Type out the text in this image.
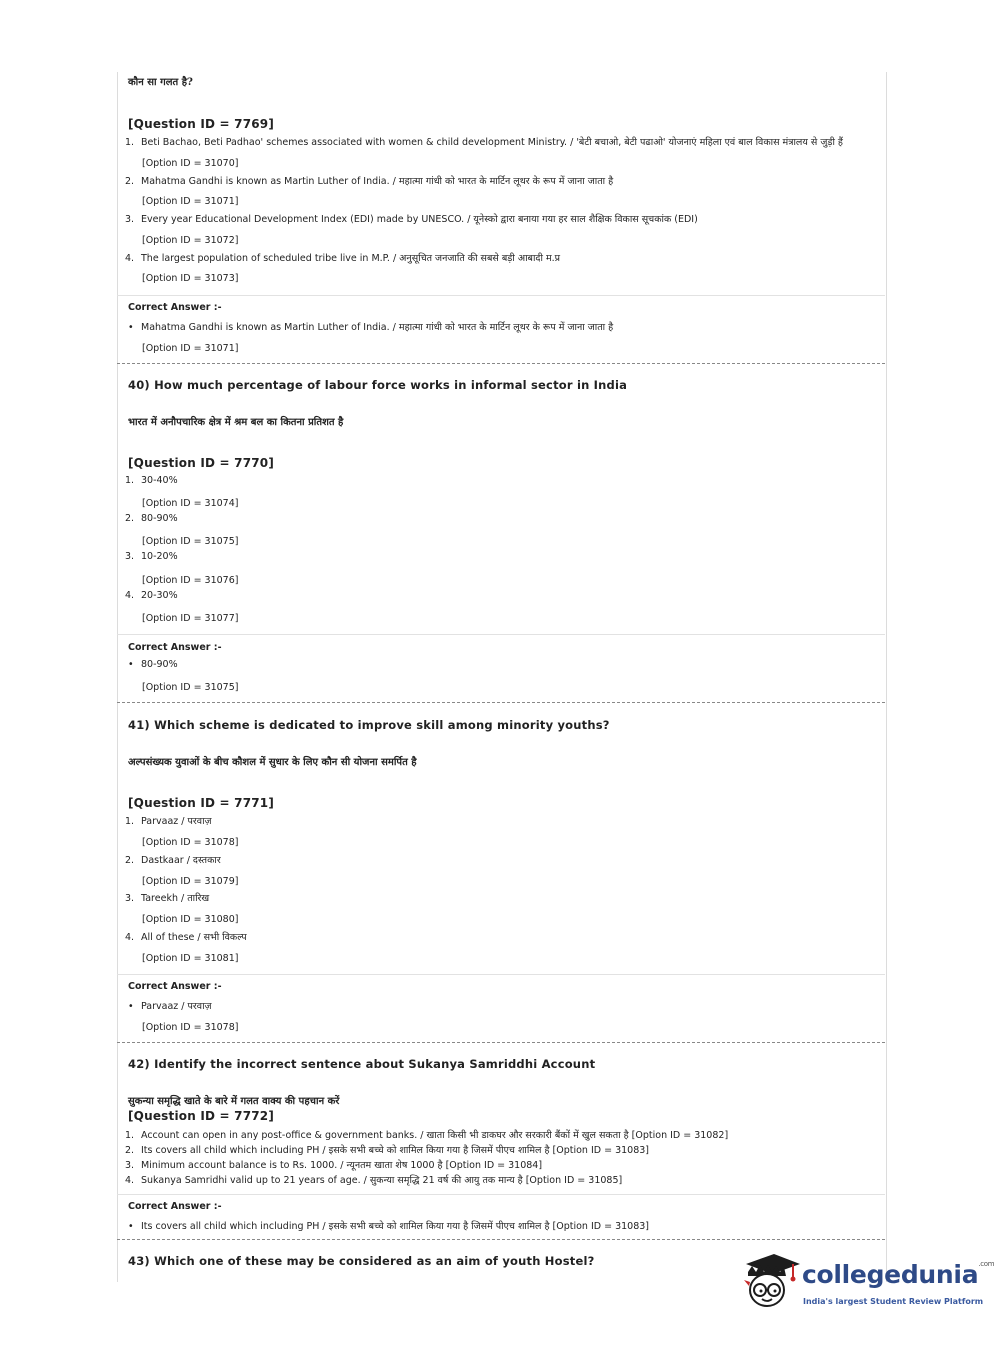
कौन सा गलत है?
[Question ID = 7769]
1. Beti Bachao, Beti Padhao' schemes associated with women & child development Ministry. / 'बेटी बचाओ, बेटी पढाओ' योजनाएं महिला एवं बाल विकास मंत्रालय से जुड़ी हैं
[Option ID = 31070]
2. Mahatma Gandhi is known as Martin Luther of India. / महात्मा गांधी को भारत के मार्टिन लूथर के रूप में जाना जाता है
[Option ID = 31071]
3. Every year Educational Development Index (EDI) made by UNESCO. / यूनेस्को द्वारा बनाया गया हर साल शैक्षिक विकास सूचकांक (EDI)
[Option ID = 31072]
4. The largest population of scheduled tribe live in M.P. / अनुसूचित जनजाति की सबसे बड़ी आबादी म.प्र
[Option ID = 31073]
Correct Answer :-
• Mahatma Gandhi is known as Martin Luther of India. / महात्मा गांधी को भारत के मार्टिन लूथर के रूप में जाना जाता है
[Option ID = 31071]
40) How much percentage of labour force works in informal sector in India
भारत में अनौपचारिक क्षेत्र में श्रम बल का कितना प्रतिशत है
[Question ID = 7770]
1. 30-40%
[Option ID = 31074]
2. 80-90%
[Option ID = 31075]
3. 10-20%
[Option ID = 31076]
4. 20-30%
[Option ID = 31077]
Correct Answer :-
• 80-90%
[Option ID = 31075]
41) Which scheme is dedicated to improve skill among minority youths?
अल्पसंख्यक युवाओं के बीच कौशल में सुधार के लिए कौन सी योजना समर्पित है
[Question ID = 7771]
1. Parvaaz / परवाज़
[Option ID = 31078]
2. Dastkaar / दस्तकार
[Option ID = 31079]
3. Tareekh / तारिख
[Option ID = 31080]
4. All of these / सभी विकल्प
[Option ID = 31081]
Correct Answer :-
• Parvaaz / परवाज़
[Option ID = 31078]
42) Identify the incorrect sentence about Sukanya Samriddhi Account
सुकन्या समृद्धि खाते के बारे में गलत वाक्य की पहचान करें
[Question ID = 7772]
1. Account can open in any post-office & government banks. / खाता किसी भी डाकघर और सरकारी बैंकों में खुल सकता है [Option ID = 31082]
2. Its covers all child which including PH / इसके सभी बच्चे को शामिल किया गया है जिसमें पीएच शामिल है [Option ID = 31083]
3. Minimum account balance is to Rs. 1000. / न्यूनतम खाता शेष 1000 है [Option ID = 31084]
4. Sukanya Samridhi valid up to 21 years of age. / सुकन्या समृद्धि 21 वर्ष की आयु तक मान्य है [Option ID = 31085]
Correct Answer :-
• Its covers all child which including PH / इसके सभी बच्चे को शामिल किया गया है जिसमें पीएच शामिल है [Option ID = 31083]
43) Which one of these may be considered as an aim of youth Hostel?	collegedunia$^{.com}$
India's largest Student Review Platform
